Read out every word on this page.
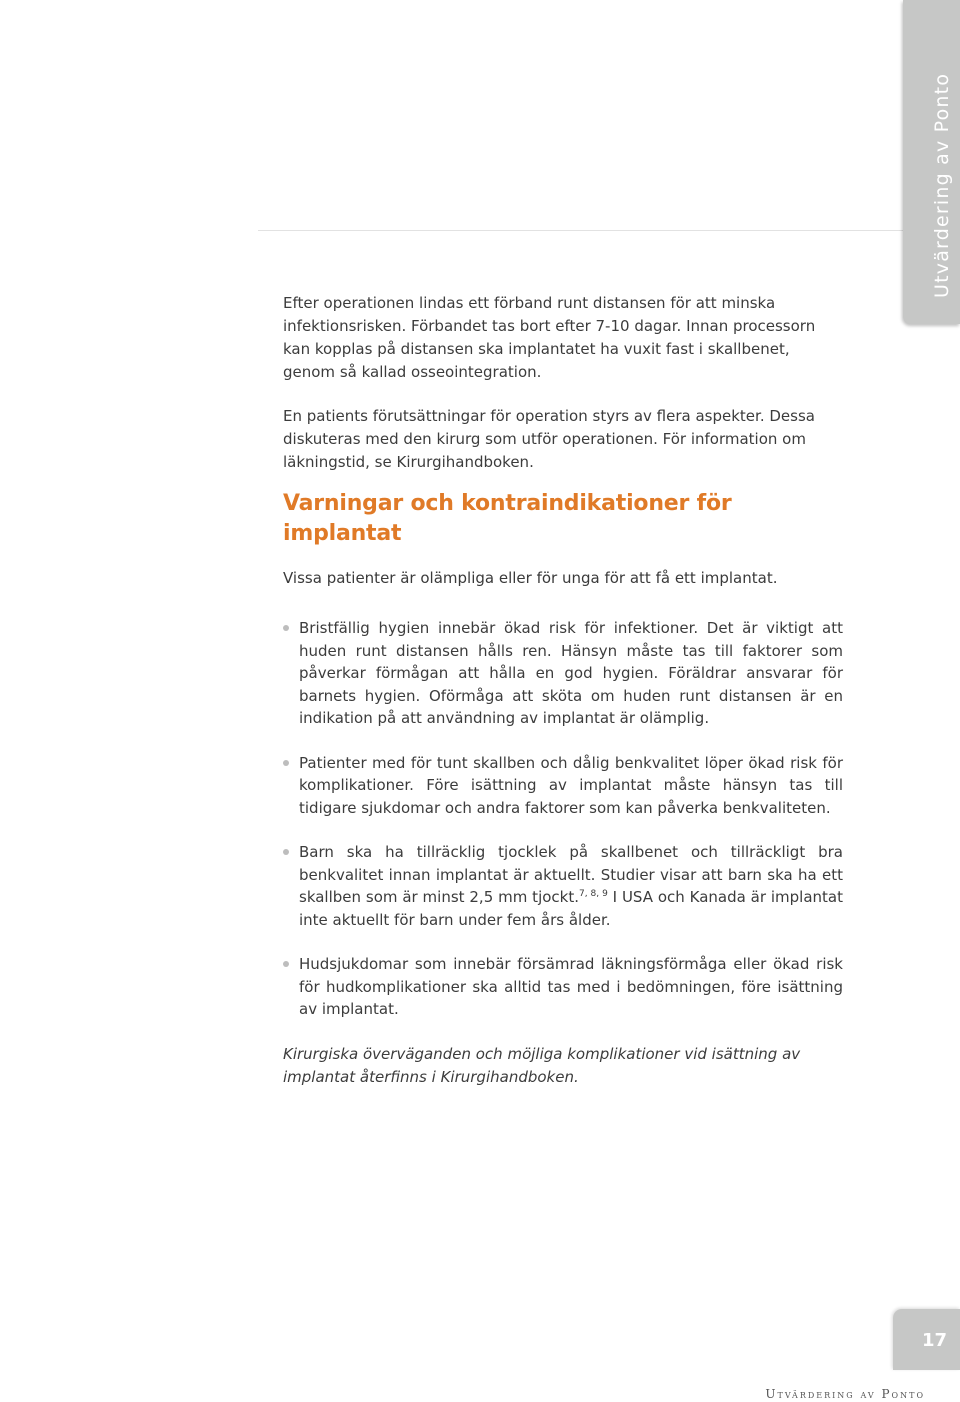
Utvärdering av Ponto

Efter operationen lindas ett förband runt distansen för att minska infektionsrisken. Förbandet tas bort efter 7-10 dagar. Innan processorn kan kopplas på distansen ska implantatet ha vuxit fast i skallbenet, genom så kallad osseointegration.

En patients förutsättningar för operation styrs av flera aspekter. Dessa diskuteras med den kirurg som utför operationen. För information om läkningstid, se Kirurgihandboken.

Varningar och kontraindikationer för implantat

Vissa patienter är olämpliga eller för unga för att få ett implantat.

Bristfällig hygien innebär ökad risk för infektioner. Det är viktigt att huden runt distansen hålls ren. Hänsyn måste tas till faktorer som påverkar förmågan att hålla en god hygien. Föräldrar ansvarar för barnets hygien. Oförmåga att sköta om huden runt distansen är en indikation på att användning av implantat är olämplig.
Patienter med för tunt skallben och dålig benkvalitet löper ökad risk för komplikationer. Före isättning av implantat måste hänsyn tas till tidigare sjukdomar och andra faktorer som kan påverka benkvaliteten.
Barn ska ha tillräcklig tjocklek på skallbenet och tillräckligt bra benkvalitet innan implantat är aktuellt. Studier visar att barn ska ha ett skallben som är minst 2,5 mm tjockt.$^{7, 8, 9}$ I USA och Kanada är implantat inte aktuellt för barn under fem års ålder.
Hudsjukdomar som innebär försämrad läkningsförmåga eller ökad risk för hudkomplikationer ska alltid tas med i bedömningen, före isättning av implantat.

Kirurgiska överväganden och möjliga komplikationer vid isättning av implantat återfinns i Kirurgihandboken.

17
Utvärdering av Ponto
